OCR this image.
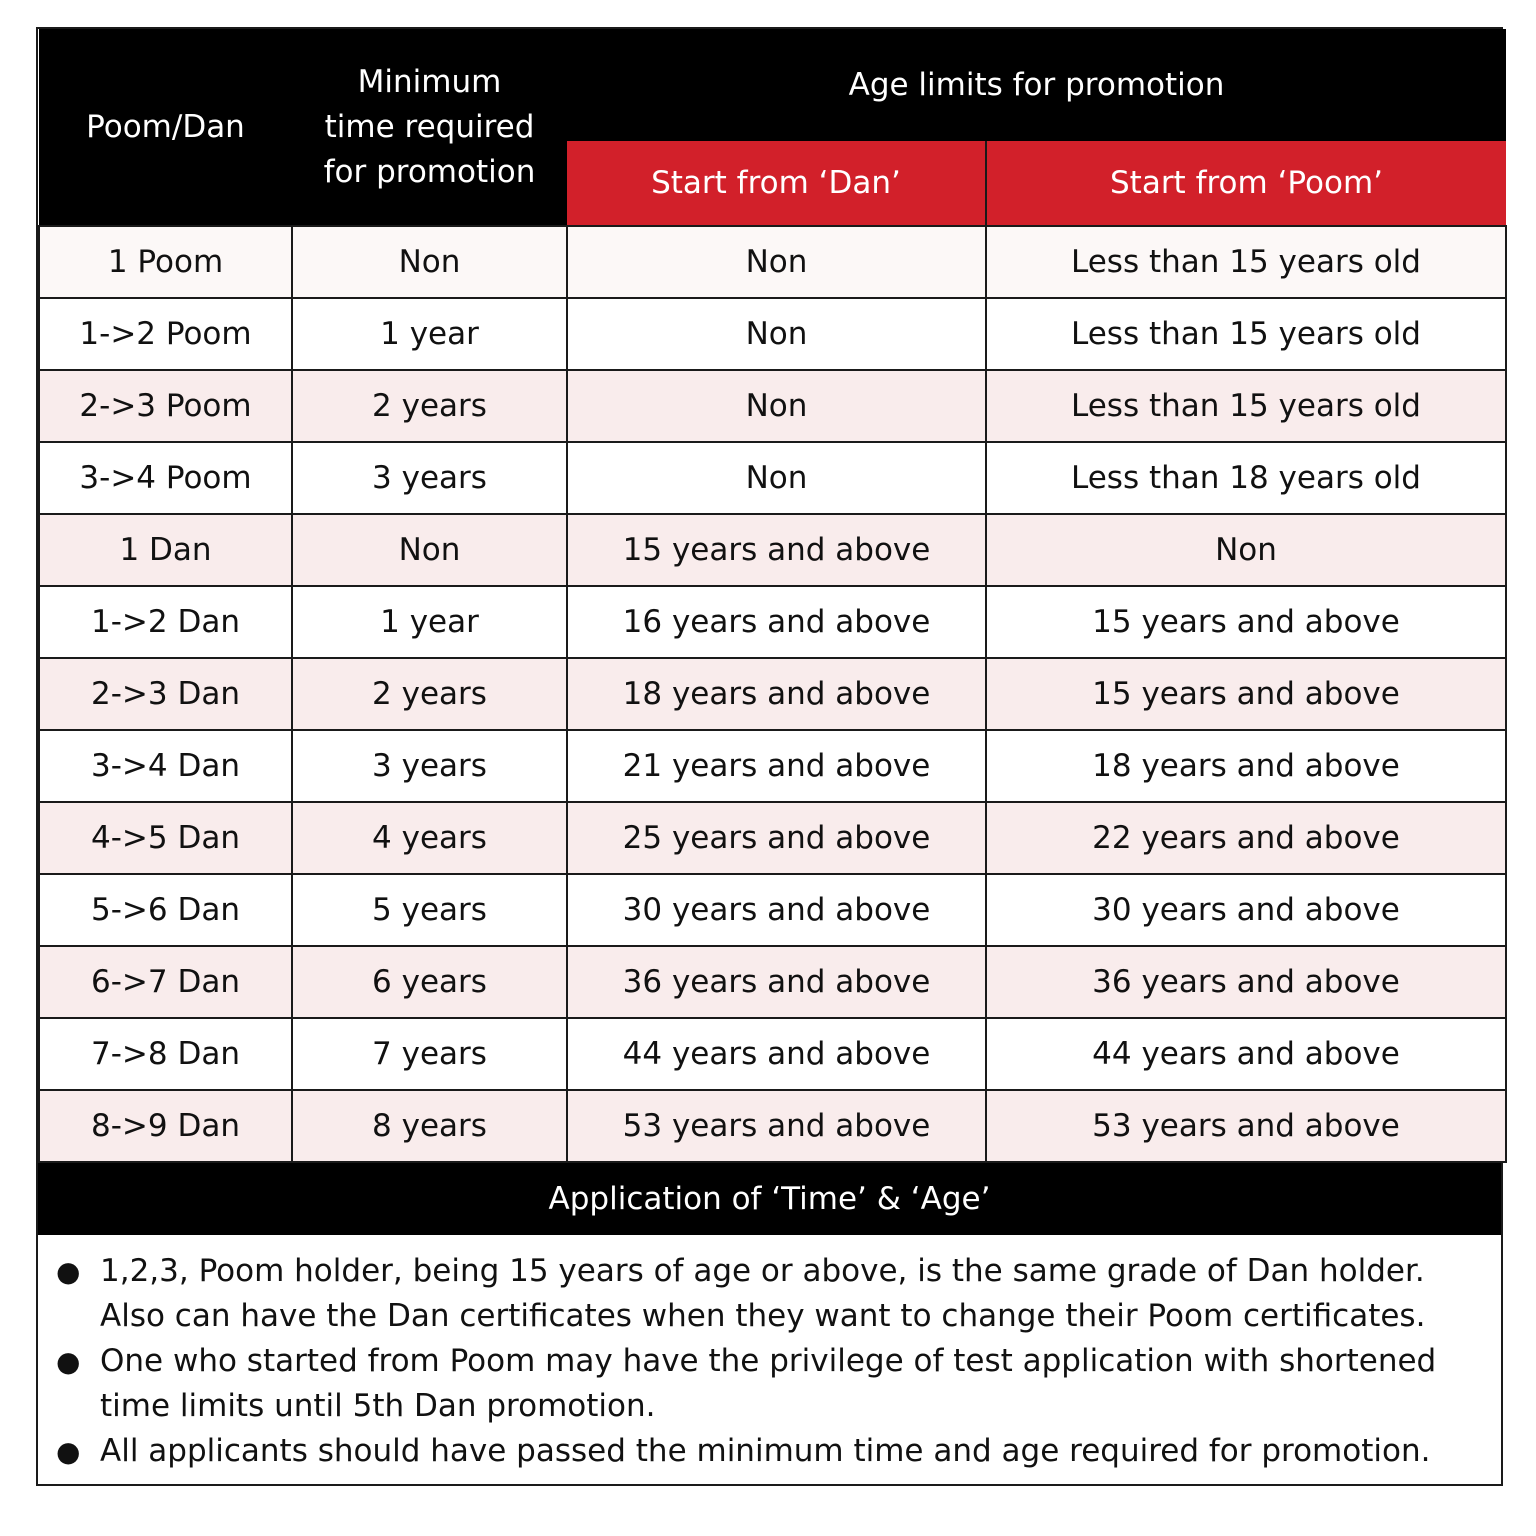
Poom/Dan	Minimum time required for promotion	Age limits for promotion	
		Start from ‘Dan’	Start from ‘Poom’
1 Poom	Non	Non	Less than 15 years old
1->2 Poom	1 year	Non	Less than 15 years old
2->3 Poom	2 years	Non	Less than 15 years old
3->4 Poom	3 years	Non	Less than 18 years old
1 Dan	Non	15 years and above	Non
1->2 Dan	1 year	16 years and above	15 years and above
2->3 Dan	2 years	18 years and above	15 years and above
3->4 Dan	3 years	21 years and above	18 years and above
4->5 Dan	4 years	25 years and above	22 years and above
5->6 Dan	5 years	30 years and above	30 years and above
6->7 Dan	6 years	36 years and above	36 years and above
7->8 Dan	7 years	44 years and above	44 years and above
8->9 Dan	8 years	53 years and above	53 years and above
Application of ‘Time’ & ‘Age’
● 1,2,3, Poom holder, being 15 years of age or above, is the same grade of Dan holder. Also can have the Dan certificates when they want to change their Poom certificates.
● One who started from Poom may have the privilege of test application with shortened time limits until 5th Dan promotion.
● All applicants should have passed the minimum time and age required for promotion.
